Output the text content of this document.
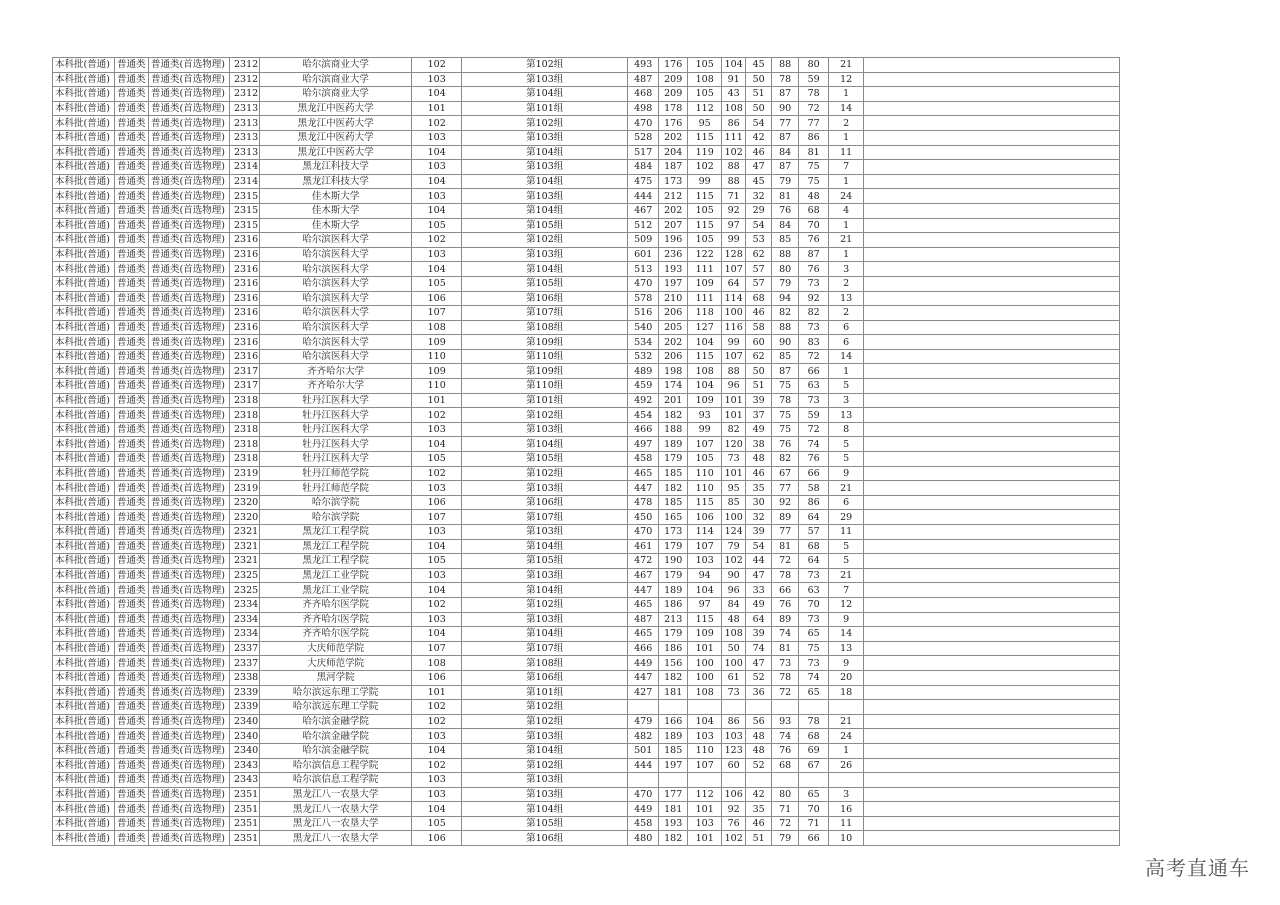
本科批(普通)	普通类	普通类(首选物理)	2312	哈尔滨商业大学	102	第102组	493	176	105	104	45	88	80	21	
本科批(普通)	普通类	普通类(首选物理)	2312	哈尔滨商业大学	103	第103组	487	209	108	91	50	78	59	12	
本科批(普通)	普通类	普通类(首选物理)	2312	哈尔滨商业大学	104	第104组	468	209	105	43	51	87	78	1	
本科批(普通)	普通类	普通类(首选物理)	2313	黑龙江中医药大学	101	第101组	498	178	112	108	50	90	72	14	
本科批(普通)	普通类	普通类(首选物理)	2313	黑龙江中医药大学	102	第102组	470	176	95	86	54	77	77	2	
本科批(普通)	普通类	普通类(首选物理)	2313	黑龙江中医药大学	103	第103组	528	202	115	111	42	87	86	1	
本科批(普通)	普通类	普通类(首选物理)	2313	黑龙江中医药大学	104	第104组	517	204	119	102	46	84	81	11	
本科批(普通)	普通类	普通类(首选物理)	2314	黑龙江科技大学	103	第103组	484	187	102	88	47	87	75	7	
本科批(普通)	普通类	普通类(首选物理)	2314	黑龙江科技大学	104	第104组	475	173	99	88	45	79	75	1	
本科批(普通)	普通类	普通类(首选物理)	2315	佳木斯大学	103	第103组	444	212	115	71	32	81	48	24	
本科批(普通)	普通类	普通类(首选物理)	2315	佳木斯大学	104	第104组	467	202	105	92	29	76	68	4	
本科批(普通)	普通类	普通类(首选物理)	2315	佳木斯大学	105	第105组	512	207	115	97	54	84	70	1	
本科批(普通)	普通类	普通类(首选物理)	2316	哈尔滨医科大学	102	第102组	509	196	105	99	53	85	76	21	
本科批(普通)	普通类	普通类(首选物理)	2316	哈尔滨医科大学	103	第103组	601	236	122	128	62	88	87	1	
本科批(普通)	普通类	普通类(首选物理)	2316	哈尔滨医科大学	104	第104组	513	193	111	107	57	80	76	3	
本科批(普通)	普通类	普通类(首选物理)	2316	哈尔滨医科大学	105	第105组	470	197	109	64	57	79	73	2	
本科批(普通)	普通类	普通类(首选物理)	2316	哈尔滨医科大学	106	第106组	578	210	111	114	68	94	92	13	
本科批(普通)	普通类	普通类(首选物理)	2316	哈尔滨医科大学	107	第107组	516	206	118	100	46	82	82	2	
本科批(普通)	普通类	普通类(首选物理)	2316	哈尔滨医科大学	108	第108组	540	205	127	116	58	88	73	6	
本科批(普通)	普通类	普通类(首选物理)	2316	哈尔滨医科大学	109	第109组	534	202	104	99	60	90	83	6	
本科批(普通)	普通类	普通类(首选物理)	2316	哈尔滨医科大学	110	第110组	532	206	115	107	62	85	72	14	
本科批(普通)	普通类	普通类(首选物理)	2317	齐齐哈尔大学	109	第109组	489	198	108	88	50	87	66	1	
本科批(普通)	普通类	普通类(首选物理)	2317	齐齐哈尔大学	110	第110组	459	174	104	96	51	75	63	5	
本科批(普通)	普通类	普通类(首选物理)	2318	牡丹江医科大学	101	第101组	492	201	109	101	39	78	73	3	
本科批(普通)	普通类	普通类(首选物理)	2318	牡丹江医科大学	102	第102组	454	182	93	101	37	75	59	13	
本科批(普通)	普通类	普通类(首选物理)	2318	牡丹江医科大学	103	第103组	466	188	99	82	49	75	72	8	
本科批(普通)	普通类	普通类(首选物理)	2318	牡丹江医科大学	104	第104组	497	189	107	120	38	76	74	5	
本科批(普通)	普通类	普通类(首选物理)	2318	牡丹江医科大学	105	第105组	458	179	105	73	48	82	76	5	
本科批(普通)	普通类	普通类(首选物理)	2319	牡丹江师范学院	102	第102组	465	185	110	101	46	67	66	9	
本科批(普通)	普通类	普通类(首选物理)	2319	牡丹江师范学院	103	第103组	447	182	110	95	35	77	58	21	
本科批(普通)	普通类	普通类(首选物理)	2320	哈尔滨学院	106	第106组	478	185	115	85	30	92	86	6	
本科批(普通)	普通类	普通类(首选物理)	2320	哈尔滨学院	107	第107组	450	165	106	100	32	89	64	29	
本科批(普通)	普通类	普通类(首选物理)	2321	黑龙江工程学院	103	第103组	470	173	114	124	39	77	57	11	
本科批(普通)	普通类	普通类(首选物理)	2321	黑龙江工程学院	104	第104组	461	179	107	79	54	81	68	5	
本科批(普通)	普通类	普通类(首选物理)	2321	黑龙江工程学院	105	第105组	472	190	103	102	44	72	64	5	
本科批(普通)	普通类	普通类(首选物理)	2325	黑龙江工业学院	103	第103组	467	179	94	90	47	78	73	21	
本科批(普通)	普通类	普通类(首选物理)	2325	黑龙江工业学院	104	第104组	447	189	104	96	33	66	63	7	
本科批(普通)	普通类	普通类(首选物理)	2334	齐齐哈尔医学院	102	第102组	465	186	97	84	49	76	70	12	
本科批(普通)	普通类	普通类(首选物理)	2334	齐齐哈尔医学院	103	第103组	487	213	115	48	64	89	73	9	
本科批(普通)	普通类	普通类(首选物理)	2334	齐齐哈尔医学院	104	第104组	465	179	109	108	39	74	65	14	
本科批(普通)	普通类	普通类(首选物理)	2337	大庆师范学院	107	第107组	466	186	101	50	74	81	75	13	
本科批(普通)	普通类	普通类(首选物理)	2337	大庆师范学院	108	第108组	449	156	100	100	47	73	73	9	
本科批(普通)	普通类	普通类(首选物理)	2338	黑河学院	106	第106组	447	182	100	61	52	78	74	20	
本科批(普通)	普通类	普通类(首选物理)	2339	哈尔滨远东理工学院	101	第101组	427	181	108	73	36	72	65	18	
本科批(普通)	普通类	普通类(首选物理)	2339	哈尔滨远东理工学院	102	第102组									
本科批(普通)	普通类	普通类(首选物理)	2340	哈尔滨金融学院	102	第102组	479	166	104	86	56	93	78	21	
本科批(普通)	普通类	普通类(首选物理)	2340	哈尔滨金融学院	103	第103组	482	189	103	103	48	74	68	24	
本科批(普通)	普通类	普通类(首选物理)	2340	哈尔滨金融学院	104	第104组	501	185	110	123	48	76	69	1	
本科批(普通)	普通类	普通类(首选物理)	2343	哈尔滨信息工程学院	102	第102组	444	197	107	60	52	68	67	26	
本科批(普通)	普通类	普通类(首选物理)	2343	哈尔滨信息工程学院	103	第103组									
本科批(普通)	普通类	普通类(首选物理)	2351	黑龙江八一农垦大学	103	第103组	470	177	112	106	42	80	65	3	
本科批(普通)	普通类	普通类(首选物理)	2351	黑龙江八一农垦大学	104	第104组	449	181	101	92	35	71	70	16	
本科批(普通)	普通类	普通类(首选物理)	2351	黑龙江八一农垦大学	105	第105组	458	193	103	76	46	72	71	11	
本科批(普通)	普通类	普通类(首选物理)	2351	黑龙江八一农垦大学	106	第106组	480	182	101	102	51	79	66	10	
高考直通车
